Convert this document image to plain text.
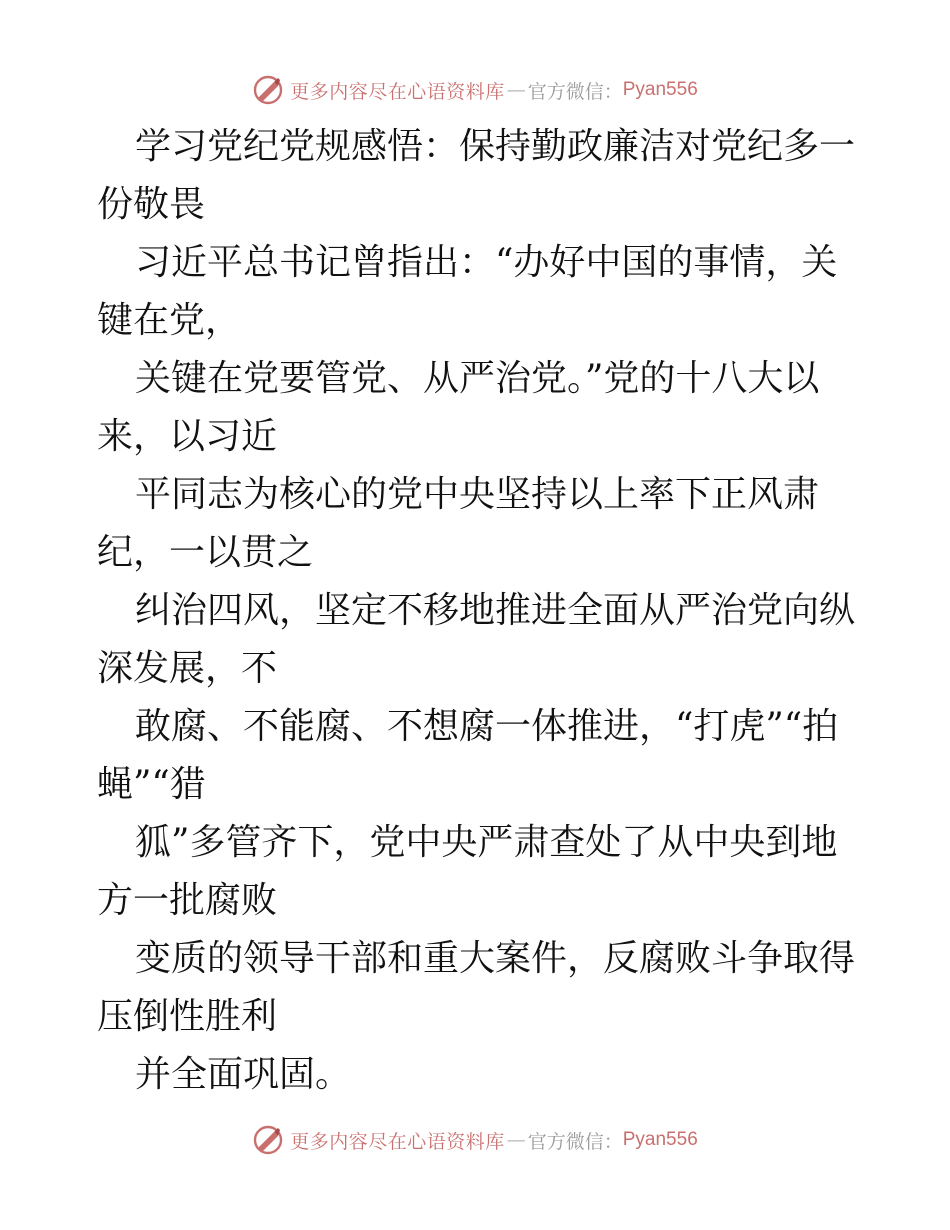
更多内容尽在心语资料库 — 官方微信： Pyan556

学习党纪党规感悟：保持勤政廉洁对党纪多一份敬畏

习近平总书记曾指出：“办好中国的事情，关键在党，

关键在党要管党、从严治党。”党的十八大以来，以习近

平同志为核心的党中央坚持以上率下正风肃纪，一以贯之

纠治四风，坚定不移地推进全面从严治党向纵深发展，不

敢腐、不能腐、不想腐一体推进，“打虎”“拍蝇”“猎

狐”多管齐下，党中央严肃查处了从中央到地方一批腐败

变质的领导干部和重大案件，反腐败斗争取得压倒性胜利

并全面巩固。

更多内容尽在心语资料库 — 官方微信： Pyan556
